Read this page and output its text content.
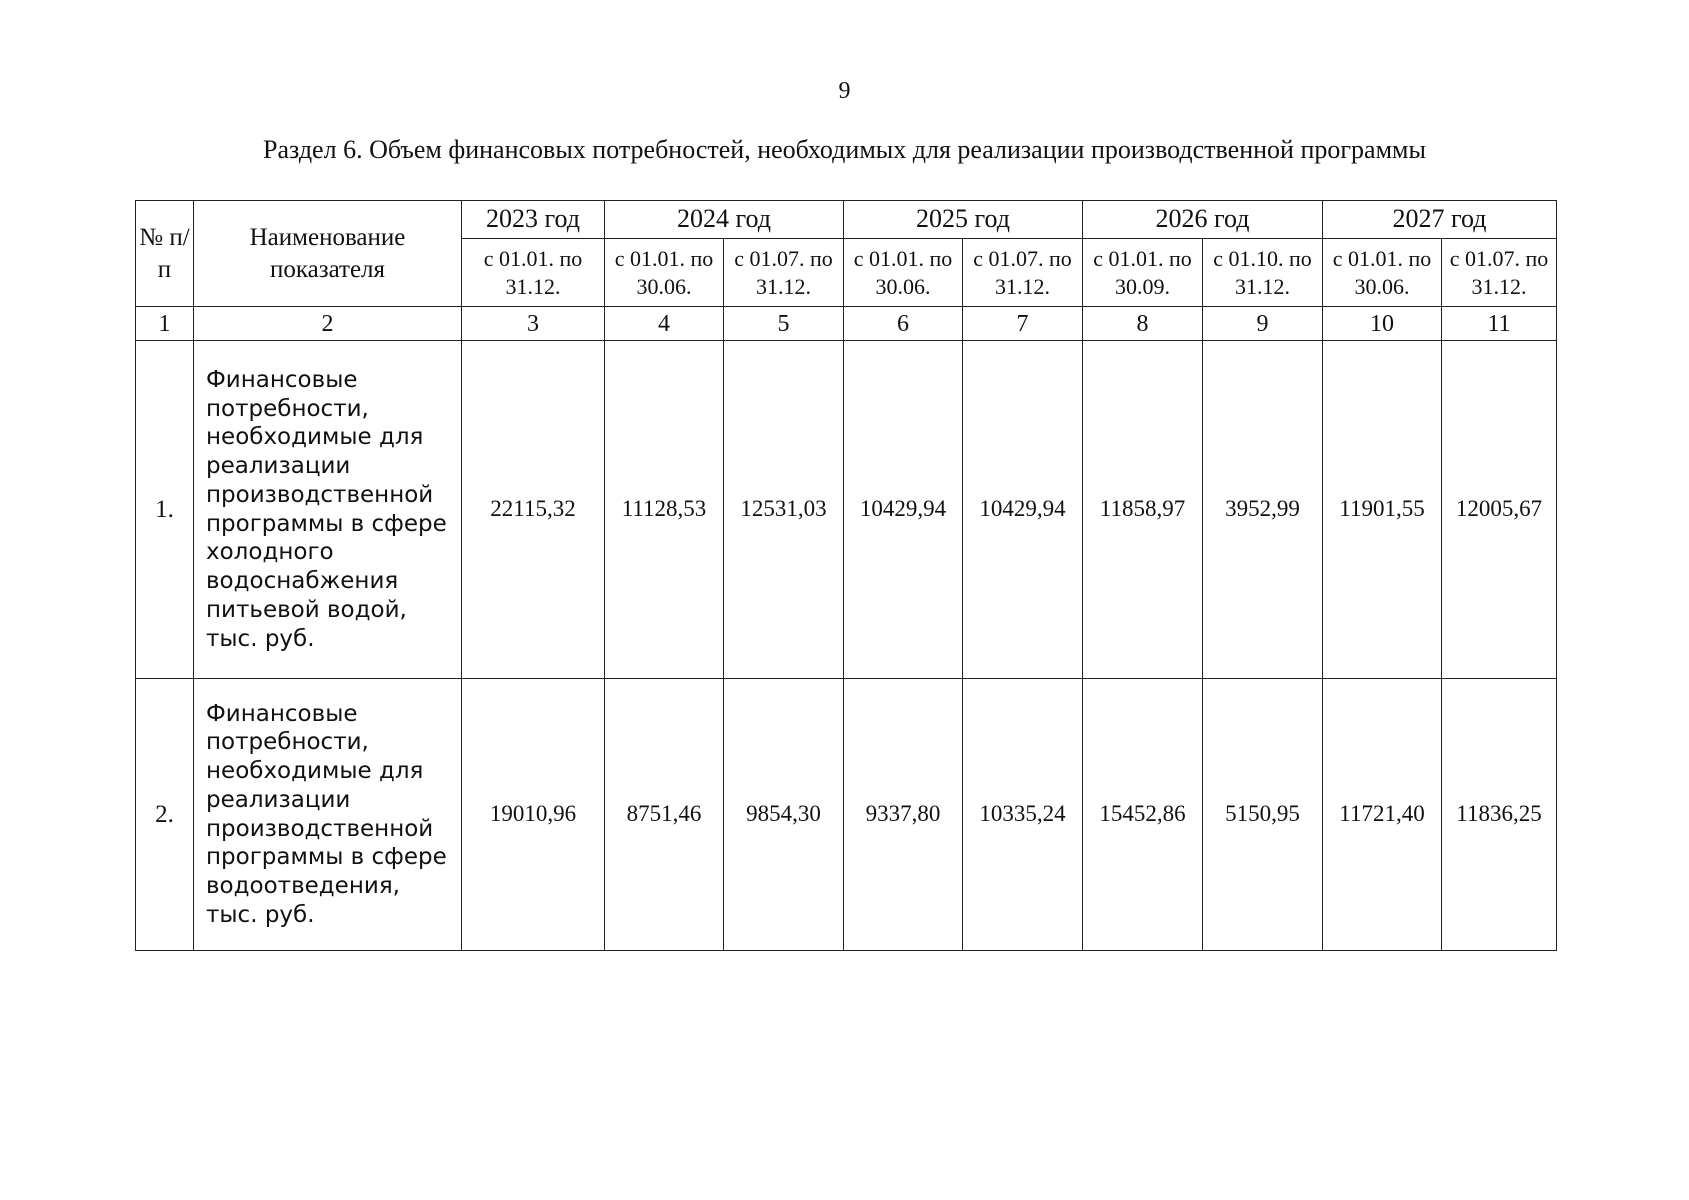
9
Раздел 6. Объем финансовых потребностей, необходимых для реализации производственной программы
№ п/п	Наименование показателя	2023 год	2024 год		2025 год		2026 год		2027 год	
		с 01.01. по 31.12.	с 01.01. по 30.06.	с 01.07. по 31.12.	с 01.01. по 30.06.	с 01.07. по 31.12.	с 01.01. по 30.09.	с 01.10. по 31.12.	с 01.01. по 30.06.	с 01.07. по 31.12.
1	2	3	4	5	6	7	8	9	10	11
1.	Финансовые потребности, необходимые для реализации производственной программы в сфере холодного водоснабжения питьевой водой, тыс. руб.	22115,32	11128,53	12531,03	10429,94	10429,94	11858,97	3952,99	11901,55	12005,67
2.	Финансовые потребности, необходимые для реализации производственной программы в сфере водоотведения, тыс. руб.	19010,96	8751,46	9854,30	9337,80	10335,24	15452,86	5150,95	11721,40	11836,25
